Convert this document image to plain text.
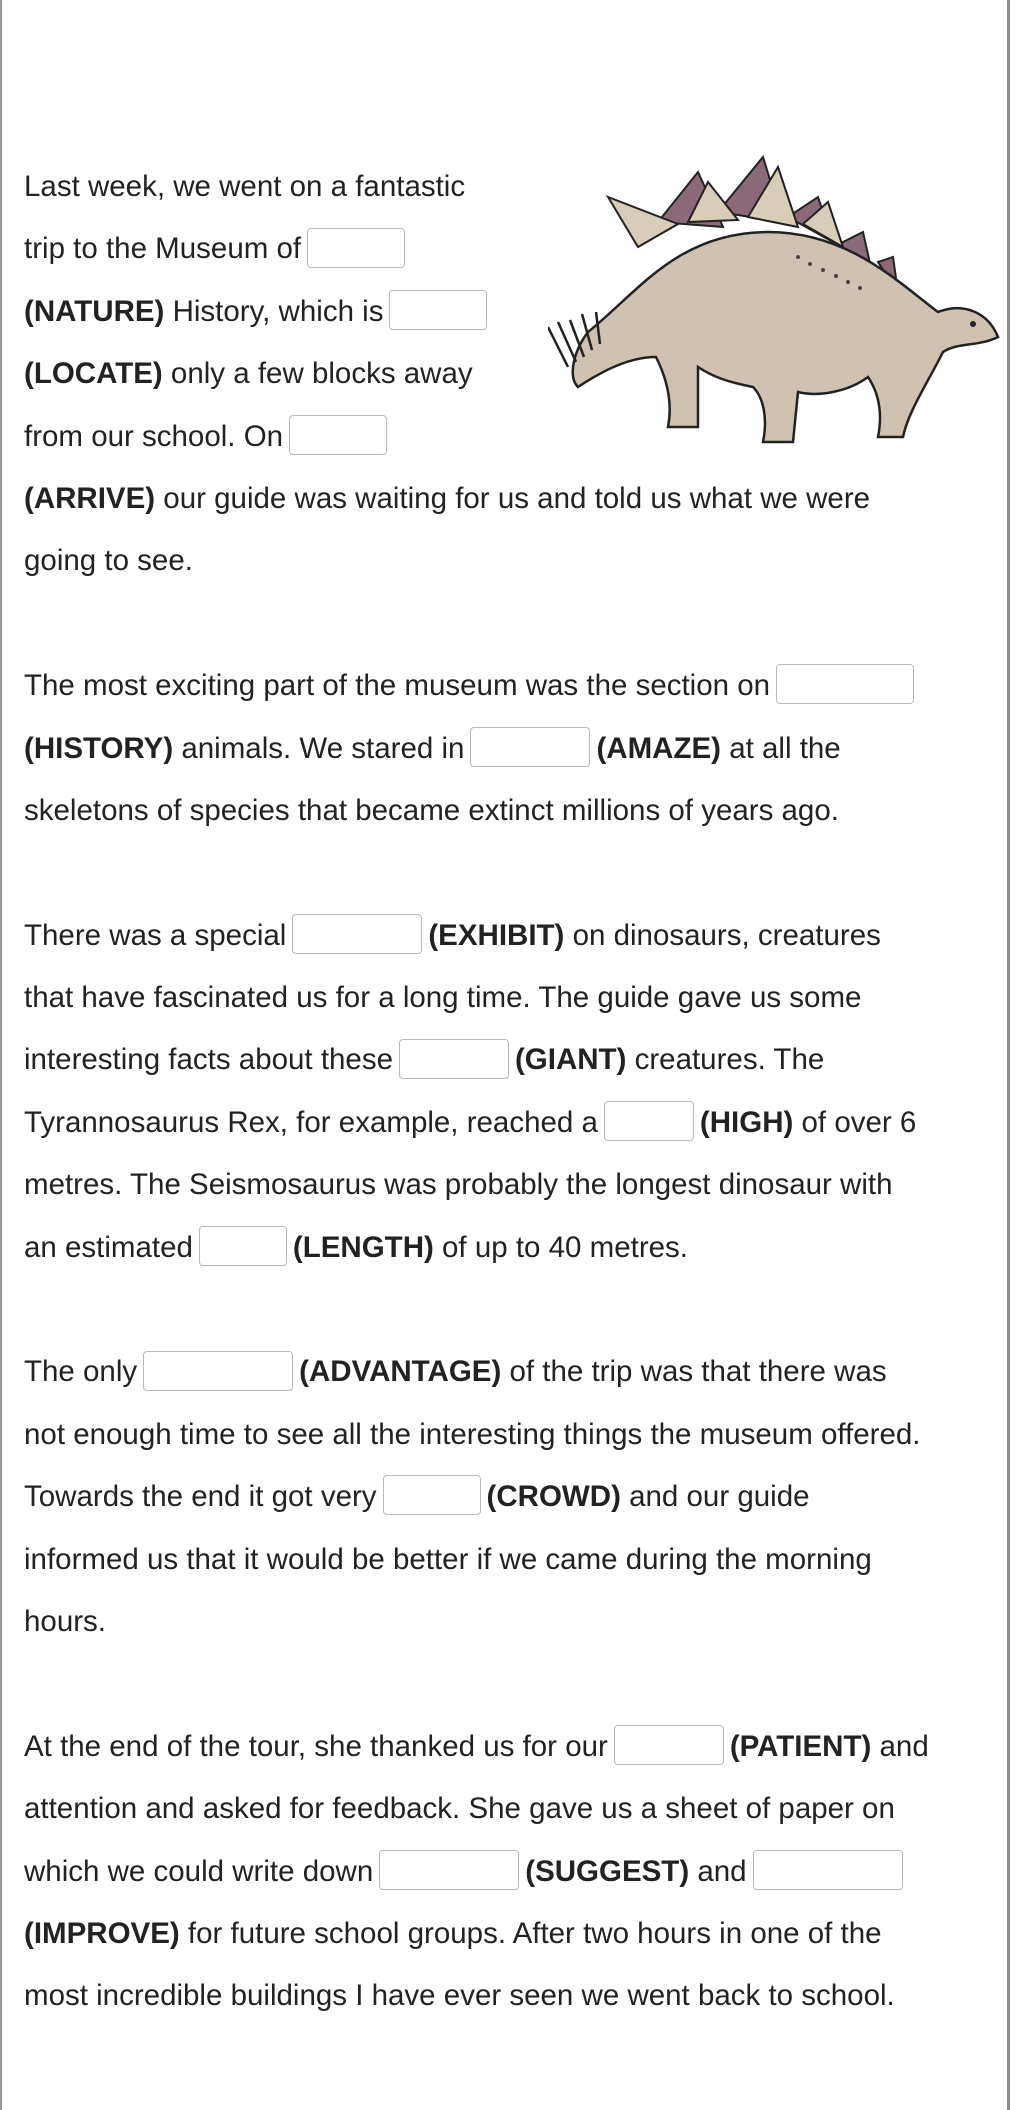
Last week, we went on a fantastic
trip to the Museum of
(NATURE) History, which is
(LOCATE) only a few blocks away
from our school. On
(ARRIVE) our guide was waiting for us and told us what we were
going to see.
The most exciting part of the museum was the section on
(HISTORY) animals. We stared in	(AMAZE) at all the
skeletons of species that became extinct millions of years ago.
There was a special	(EXHIBIT) on dinosaurs, creatures
that have fascinated us for a long time. The guide gave us some
interesting facts about these	(GIANT) creatures. The
Tyrannosaurus Rex, for example, reached a	(HIGH) of over 6
metres. The Seismosaurus was probably the longest dinosaur with
an estimated	(LENGTH) of up to 40 metres.
The only	(ADVANTAGE) of the trip was that there was
not enough time to see all the interesting things the museum offered.
Towards the end it got very	(CROWD) and our guide
informed us that it would be better if we came during the morning
hours.
At the end of the tour, she thanked us for our	(PATIENT) and
attention and asked for feedback. She gave us a sheet of paper on
which we could write down	(SUGGEST) and
(IMPROVE) for future school groups. After two hours in one of the
most incredible buildings I have ever seen we went back to school.
